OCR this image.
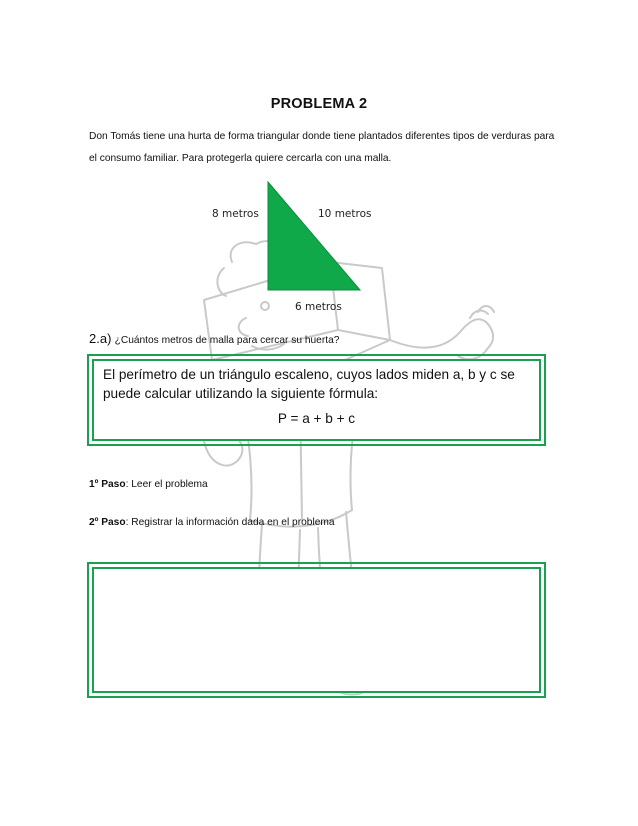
PROBLEMA 2
Don Tomás tiene una hurta de forma triangular donde tiene plantados diferentes tipos de verduras para el consumo familiar. Para protegerla quiere cercarla con una malla.
8 metros	10 metros
6 metros
2.a) ¿Cuántos metros de malla para cercar su huerta?
El perímetro de un triángulo escaleno, cuyos lados miden a, b y c se puede calcular utilizando la siguiente fórmula:
P = a + b + c
1º Paso: Leer el problema
2º Paso: Registrar la información dada en el problema
